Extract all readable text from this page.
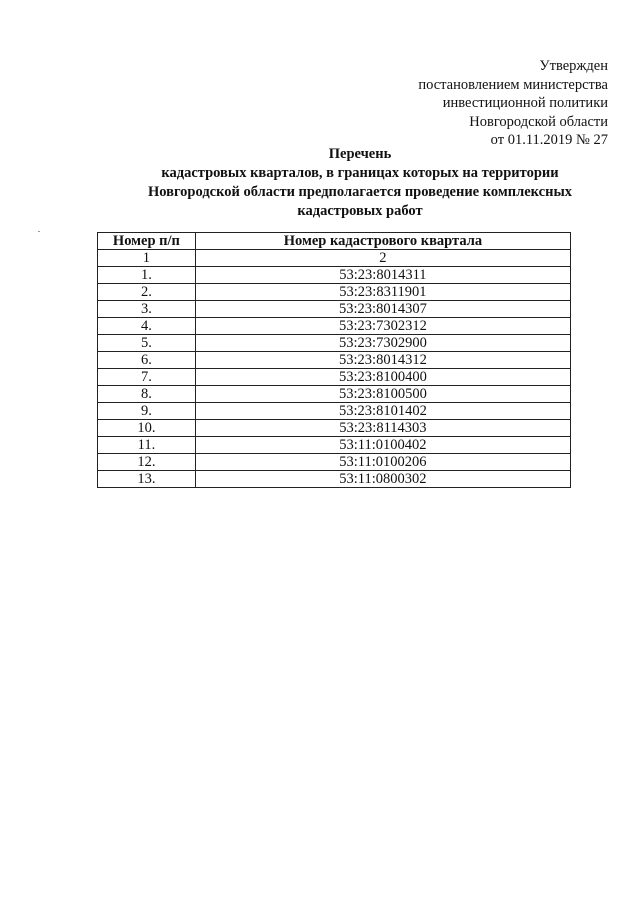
Утвержден
постановлением министерства
инвестиционной политики
Новгородской области
от 01.11.2019 № 27
Перечень
кадастровых кварталов, в границах которых на территории
Новгородской области предполагается проведение комплексных
кадастровых работ
Номер п/п	Номер кадастрового квартала
1	2
1.	53:23:8014311
2.	53:23:8311901
3.	53:23:8014307
4.	53:23:7302312
5.	53:23:7302900
6.	53:23:8014312
7.	53:23:8100400
8.	53:23:8100500
9.	53:23:8101402
10.	53:23:8114303
11.	53:11:0100402
12.	53:11:0100206
13.	53:11:0800302
